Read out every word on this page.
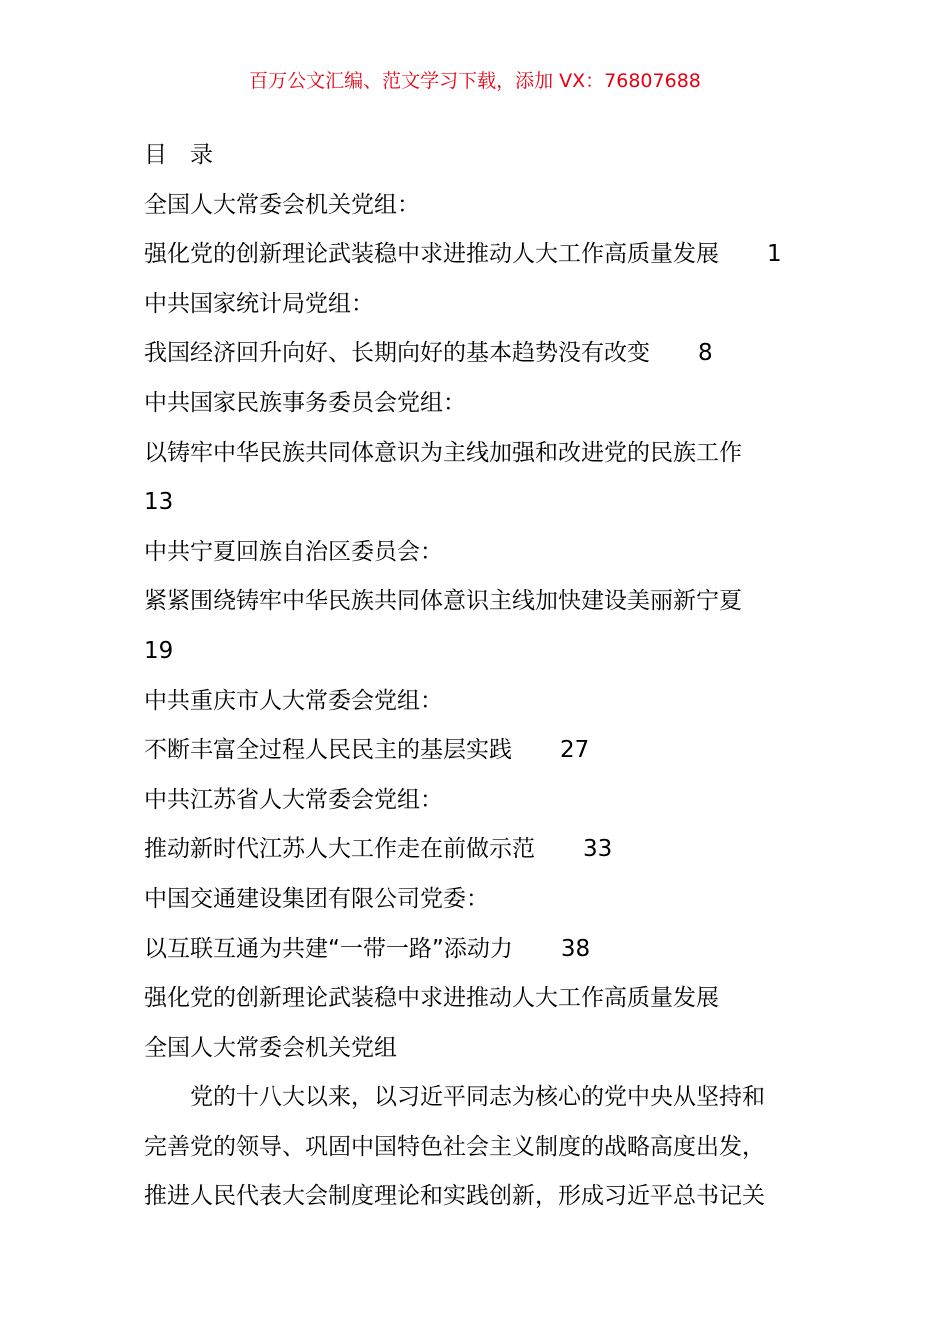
百万公文汇编、范文学习下载，添加 VX：76807688
目　录
全国人大常委会机关党组：
强化党的创新理论武装稳中求进推动人大工作高质量发展 1
中共国家统计局党组：
我国经济回升向好、长期向好的基本趋势没有改变 8
中共国家民族事务委员会党组：
以铸牢中华民族共同体意识为主线加强和改进党的民族工作
13
中共宁夏回族自治区委员会：
紧紧围绕铸牢中华民族共同体意识主线加快建设美丽新宁夏
19
中共重庆市人大常委会党组：
不断丰富全过程人民民主的基层实践 27
中共江苏省人大常委会党组：
推动新时代江苏人大工作走在前做示范 33
中国交通建设集团有限公司党委：
以互联互通为共建“一带一路”添动力 38
强化党的创新理论武装稳中求进推动人大工作高质量发展
全国人大常委会机关党组
党的十八大以来，以习近平同志为核心的党中央从坚持和
完善党的领导、巩固中国特色社会主义制度的战略高度出发，
推进人民代表大会制度理论和实践创新，形成习近平总书记关
